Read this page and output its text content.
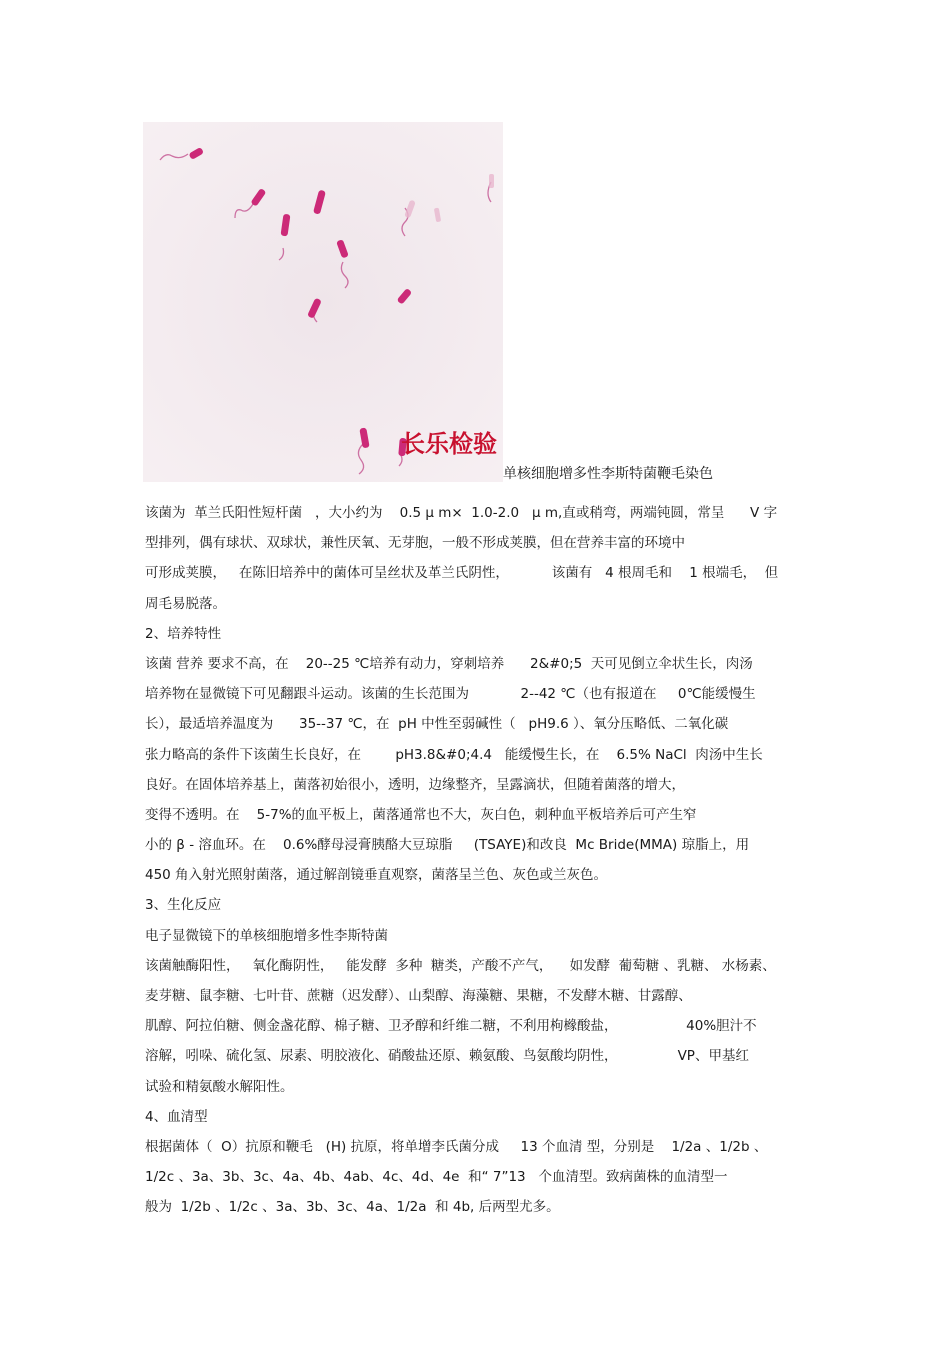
长乐检验
单核细胞增多性李斯特菌鞭毛染色
该菌为  革兰氏阳性短杆菌   ，大小约为    0.5 μ m×  1.0-2.0   μ m,直或稍弯，两端钝圆，常呈      V 字
型排列，偶有球状、双球状，兼性厌氧、无芽胞，一般不形成荚膜，但在营养丰富的环境中
可形成荚膜，   在陈旧培养中的菌体可呈丝状及革兰氏阴性，          该菌有   4 根周毛和    1 根端毛，  但
周毛易脱落。
2、培养特性
该菌 营养 要求不高，在    20--25 ℃培养有动力，穿刺培养      2&#0;5  天可见倒立伞状生长，肉汤
培养物在显微镜下可见翻跟斗运动。该菌的生长范围为            2--42 ℃（也有报道在     0℃能缓慢生
长），最适培养温度为      35--37 ℃，在  pH 中性至弱碱性（   pH9.6 ）、氧分压略低、二氧化碳
张力略高的条件下该菌生长良好，在        pH3.8&#0;4.4   能缓慢生长，在    6.5% NaCl  肉汤中生长
良好。在固体培养基上，菌落初始很小，透明，边缘整齐，呈露滴状，但随着菌落的增大，
变得不透明。在    5-7%的血平板上，菌落通常也不大，灰白色，刺种血平板培养后可产生窄
小的 β - 溶血环。在    0.6%酵母浸膏胰酪大豆琼脂     (TSAYE)和改良  Mc Bride(MMA) 琼脂上，用
450 角入射光照射菌落，通过解剖镜垂直观察，菌落呈兰色、灰色或兰灰色。
3、生化反应
电子显微镜下的单核细胞增多性李斯特菌
该菌触酶阳性，   氧化酶阴性，   能发酵  多种  糖类，产酸不产气，    如发酵  葡萄糖 、乳糖、 水杨素、
麦芽糖、鼠李糖、七叶苷、蔗糖（迟发酵）、山梨醇、海藻糖、果糖，不发酵木糖、甘露醇、
肌醇、阿拉伯糖、侧金盏花醇、棉子糖、卫矛醇和纤维二糖，不利用枸橼酸盐，                40%胆汁不
溶解，吲哚、硫化氢、尿素、明胶液化、硝酸盐还原、赖氨酸、鸟氨酸均阴性，              VP、甲基红
试验和精氨酸水解阳性。
4、血清型
根据菌体（  O）抗原和鞭毛   (H) 抗原，将单增李氏菌分成     13 个血清 型，分别是    1/2a 、1/2b 、
1/2c 、3a、3b、3c、4a、4b、4ab、4c、4d、4e  和“ 7”13   个血清型。致病菌株的血清型一
般为  1/2b 、1/2c 、3a、3b、3c、4a、1/2a  和 4b, 后两型尤多。
